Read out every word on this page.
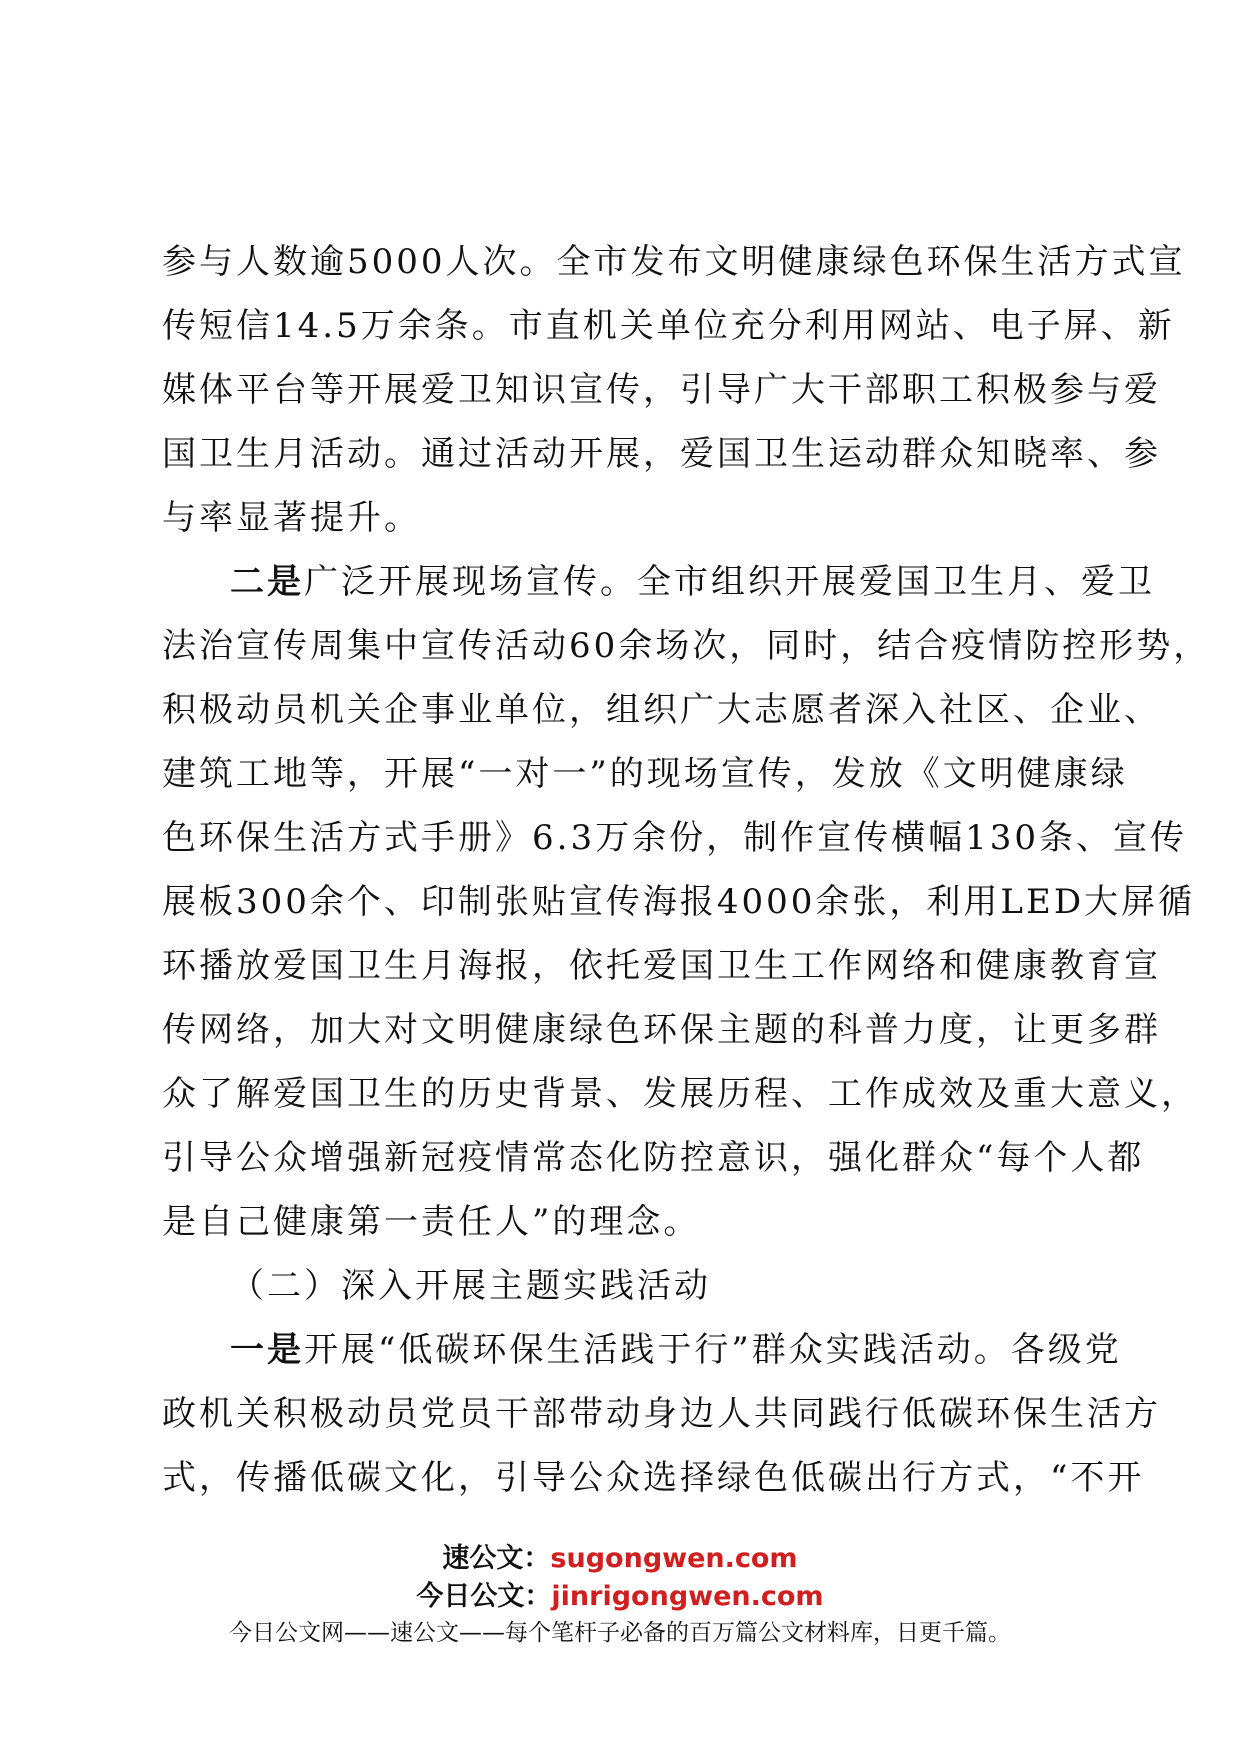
参与人数逾5000人次。全市发布文明健康绿色环保生活方式宣
传短信14.5万余条。市直机关单位充分利用网站、电子屏、新
媒体平台等开展爱卫知识宣传，引导广大干部职工积极参与爱
国卫生月活动。通过活动开展，爱国卫生运动群众知晓率、参
与率显著提升。
二是广泛开展现场宣传。全市组织开展爱国卫生月、爱卫
法治宣传周集中宣传活动60余场次，同时，结合疫情防控形势，
积极动员机关企事业单位，组织广大志愿者深入社区、企业、
建筑工地等，开展“一对一”的现场宣传，发放《文明健康绿
色环保生活方式手册》6.3万余份，制作宣传横幅130条、宣传
展板300余个、印制张贴宣传海报4000余张，利用LED大屏循
环播放爱国卫生月海报，依托爱国卫生工作网络和健康教育宣
传网络，加大对文明健康绿色环保主题的科普力度，让更多群
众了解爱国卫生的历史背景、发展历程、工作成效及重大意义，
引导公众增强新冠疫情常态化防控意识，强化群众“每个人都
是自己健康第一责任人”的理念。
（二）深入开展主题实践活动
一是开展“低碳环保生活践于行”群众实践活动。各级党
政机关积极动员党员干部带动身边人共同践行低碳环保生活方
式，传播低碳文化，引导公众选择绿色低碳出行方式，“不开
速公文：sugongwen.com
今日公文：jinrigongwen.com
今日公文网——速公文——每个笔杆子必备的百万篇公文材料库，日更千篇。
